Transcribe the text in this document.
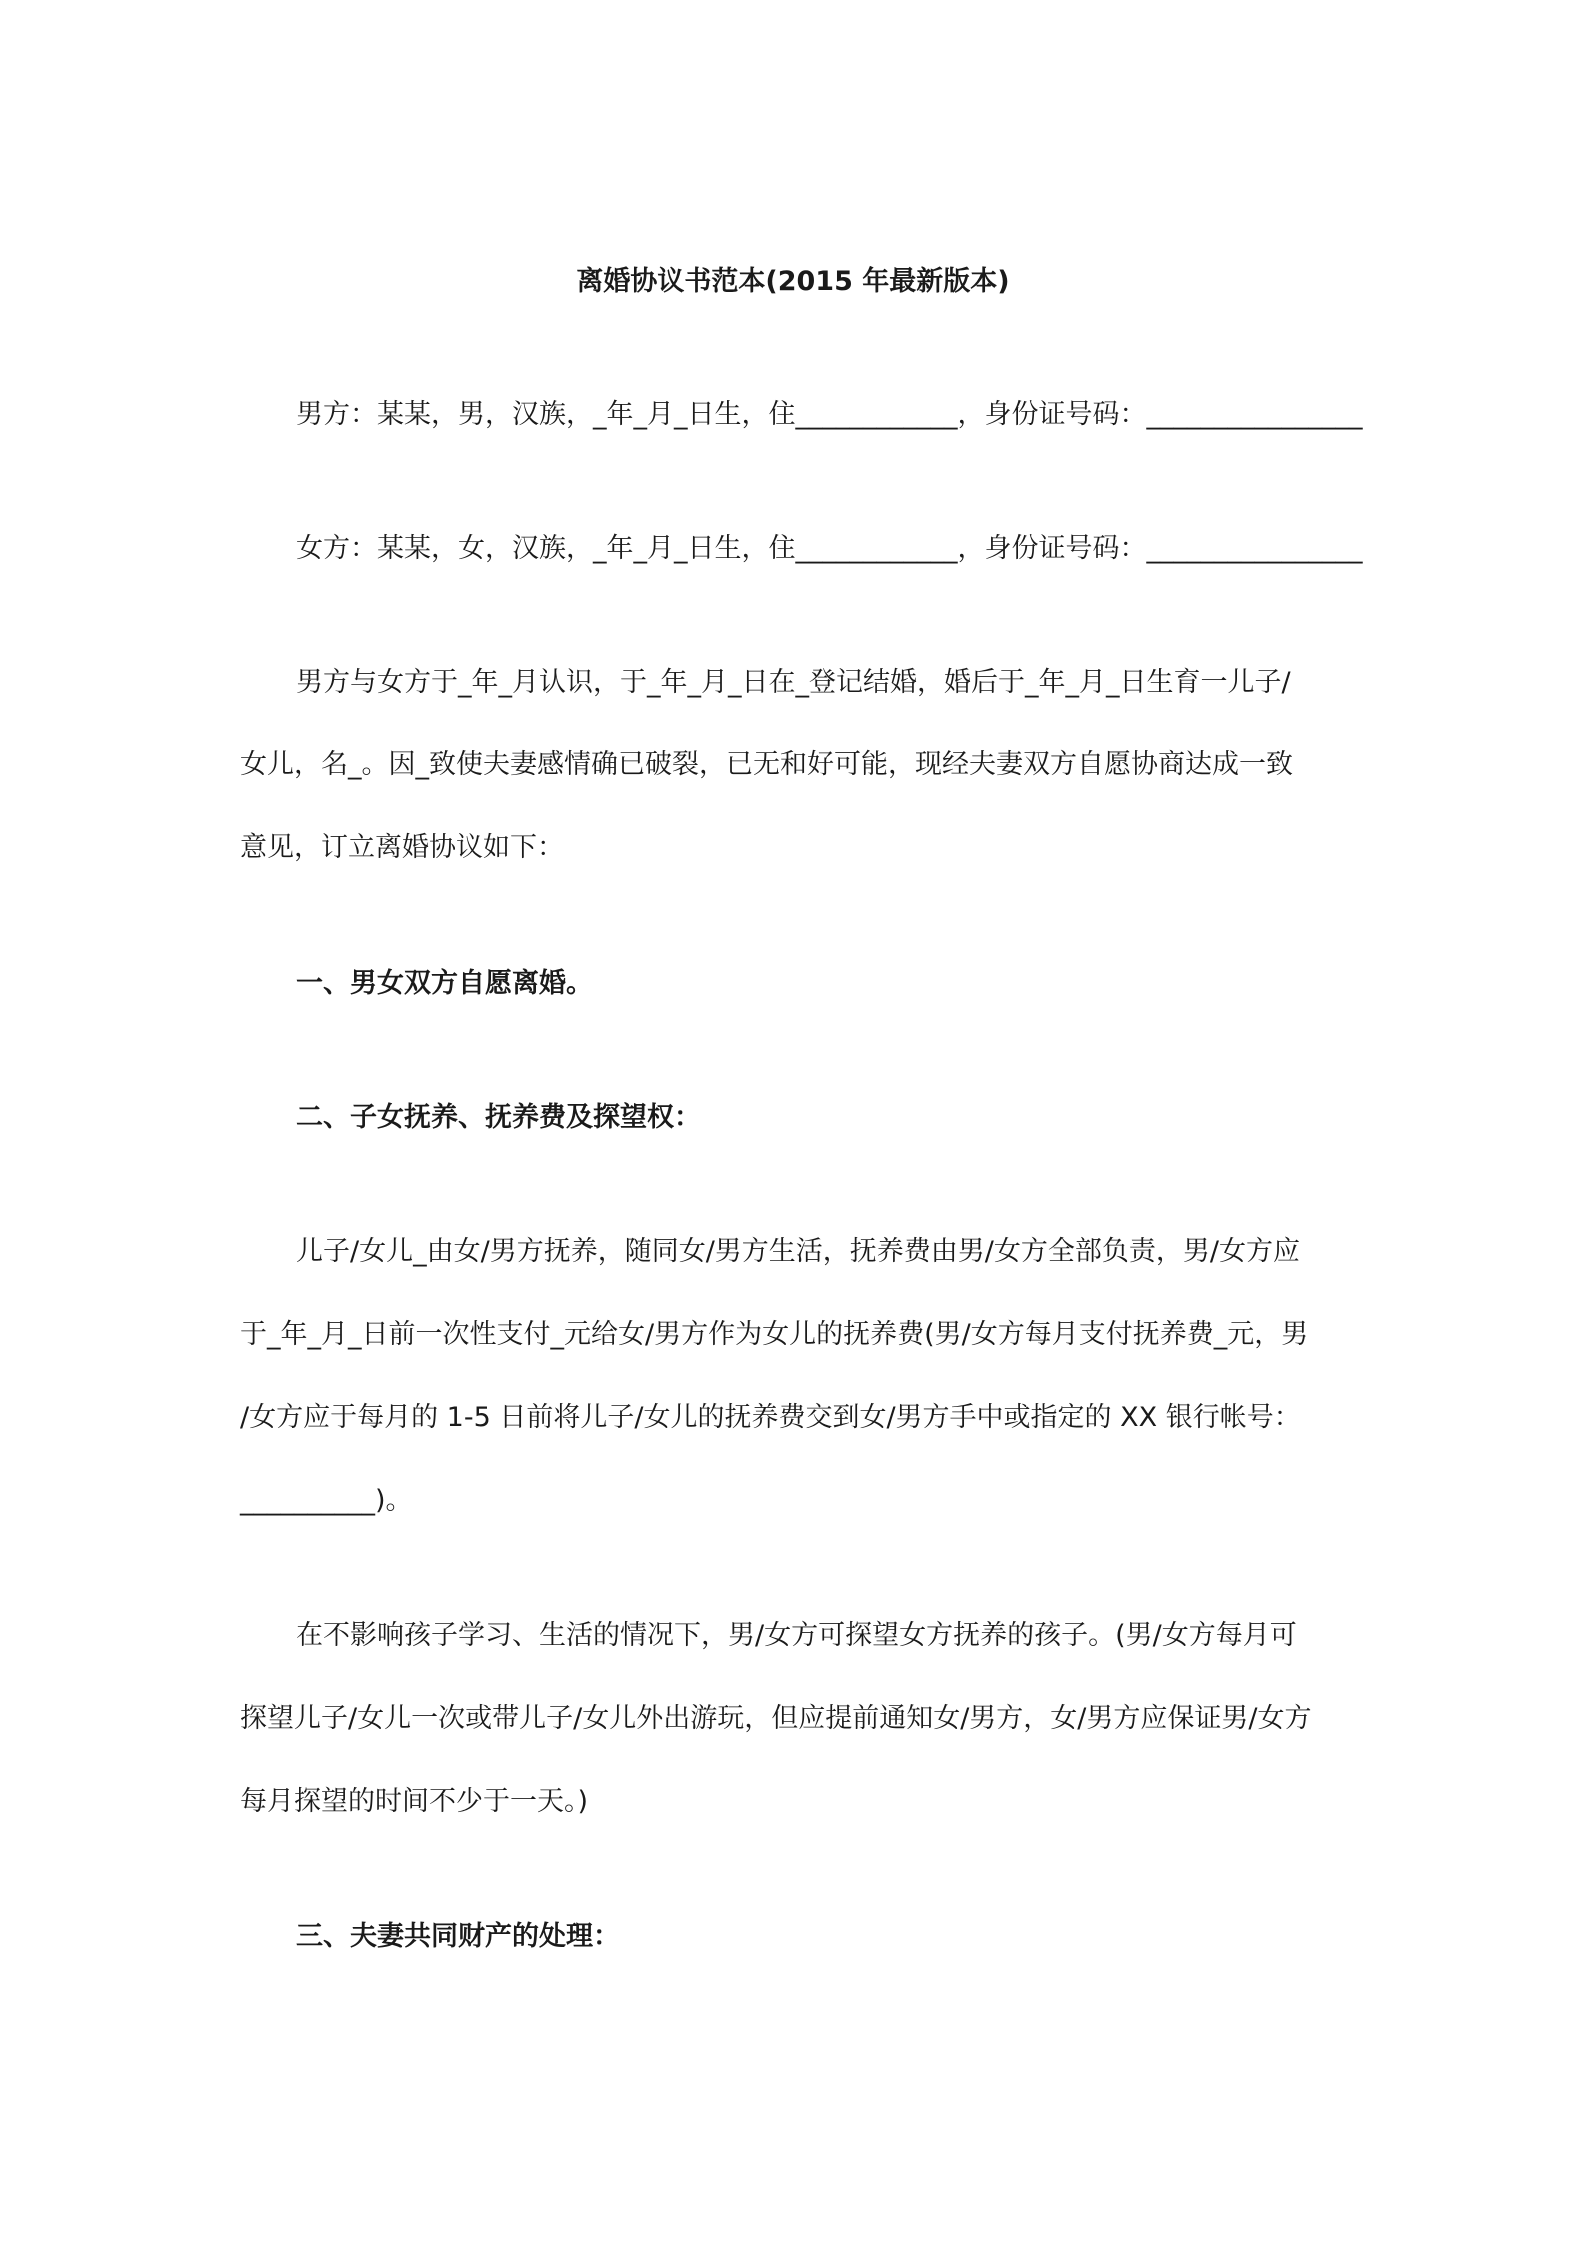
离婚协议书范本(2015 年最新版本)
男方：某某，男，汉族，_年_月_日生，住____________，身份证号码：________________
女方：某某，女，汉族，_年_月_日生，住____________，身份证号码：________________
男方与女方于_年_月认识，于_年_月_日在_登记结婚，婚后于_年_月_日生育一儿子/
女儿，名_。因_致使夫妻感情确已破裂，已无和好可能，现经夫妻双方自愿协商达成一致
意见，订立离婚协议如下：
一、男女双方自愿离婚。
二、子女抚养、抚养费及探望权：
儿子/女儿_由女/男方抚养，随同女/男方生活，抚养费由男/女方全部负责，男/女方应
于_年_月_日前一次性支付_元给女/男方作为女儿的抚养费(男/女方每月支付抚养费_元，男
/女方应于每月的 1-5 日前将儿子/女儿的抚养费交到女/男方手中或指定的 XX 银行帐号：
__________)。
在不影响孩子学习、生活的情况下，男/女方可探望女方抚养的孩子。(男/女方每月可
探望儿子/女儿一次或带儿子/女儿外出游玩，但应提前通知女/男方，女/男方应保证男/女方
每月探望的时间不少于一天。)
三、夫妻共同财产的处理：
